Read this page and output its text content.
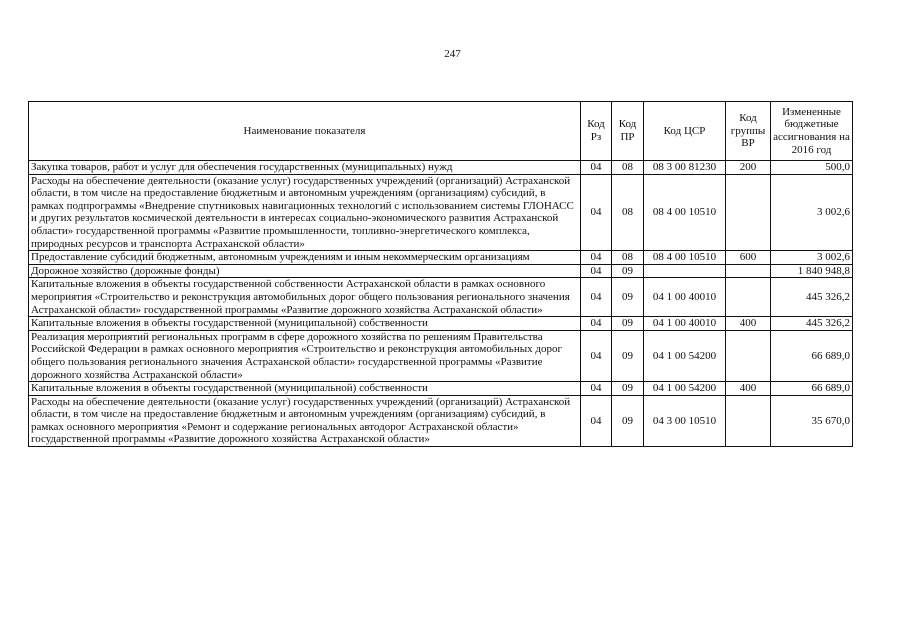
247
Наименование показателя	Код Рз	Код ПР	Код ЦСР	Код группы ВР	Измененные бюджетные ассигнования на 2016 год
Закупка товаров, работ и услуг для обеспечения государственных (муниципальных) нужд	04	08	08 3 00 81230	200	500,0
Расходы на обеспечение деятельности (оказание услуг) государственных учреждений (организаций) Астраханской области, в том числе на предоставление бюджетным и автономным учреждениям (организациям) субсидий, в рамках подпрограммы «Внедрение спутниковых навигационных технологий с использованием системы ГЛОНАСС и других результатов космической деятельности в интересах социально-экономического развития Астраханской области» государственной программы «Развитие промышленности, топливно-энергетического комплекса, природных ресурсов и транспорта Астраханской области»	04	08	08 4 00 10510		3 002,6
Предоставление субсидий бюджетным, автономным учреждениям и иным некоммерческим организациям	04	08	08 4 00 10510	600	3 002,6
Дорожное хозяйство (дорожные фонды)	04	09			1 840 948,8
Капитальные вложения в объекты государственной собственности Астраханской области в рамках основного мероприятия «Строительство и реконструкция автомобильных дорог общего пользования регионального значения Астраханской области» государственной программы «Развитие дорожного хозяйства Астраханской области»	04	09	04 1 00 40010		445 326,2
Капитальные вложения в объекты государственной (муниципальной) собственности	04	09	04 1 00 40010	400	445 326,2
Реализация мероприятий региональных программ в сфере дорожного хозяйства по решениям Правительства Российской Федерации в рамках основного мероприятия «Строительство и реконструкция автомобильных дорог общего пользования регионального значения Астраханской области» государственной программы «Развитие дорожного хозяйства Астраханской области»	04	09	04 1 00 54200		66 689,0
Капитальные вложения в объекты государственной (муниципальной) собственности	04	09	04 1 00 54200	400	66 689,0
Расходы на обеспечение деятельности (оказание услуг) государственных учреждений (организаций) Астраханской области, в том числе на предоставление бюджетным и автономным учреждениям (организациям) субсидий, в рамках основного мероприятия «Ремонт и содержание региональных автодорог Астраханской области» государственной программы «Развитие дорожного хозяйства Астраханской области»	04	09	04 3 00 10510		35 670,0
